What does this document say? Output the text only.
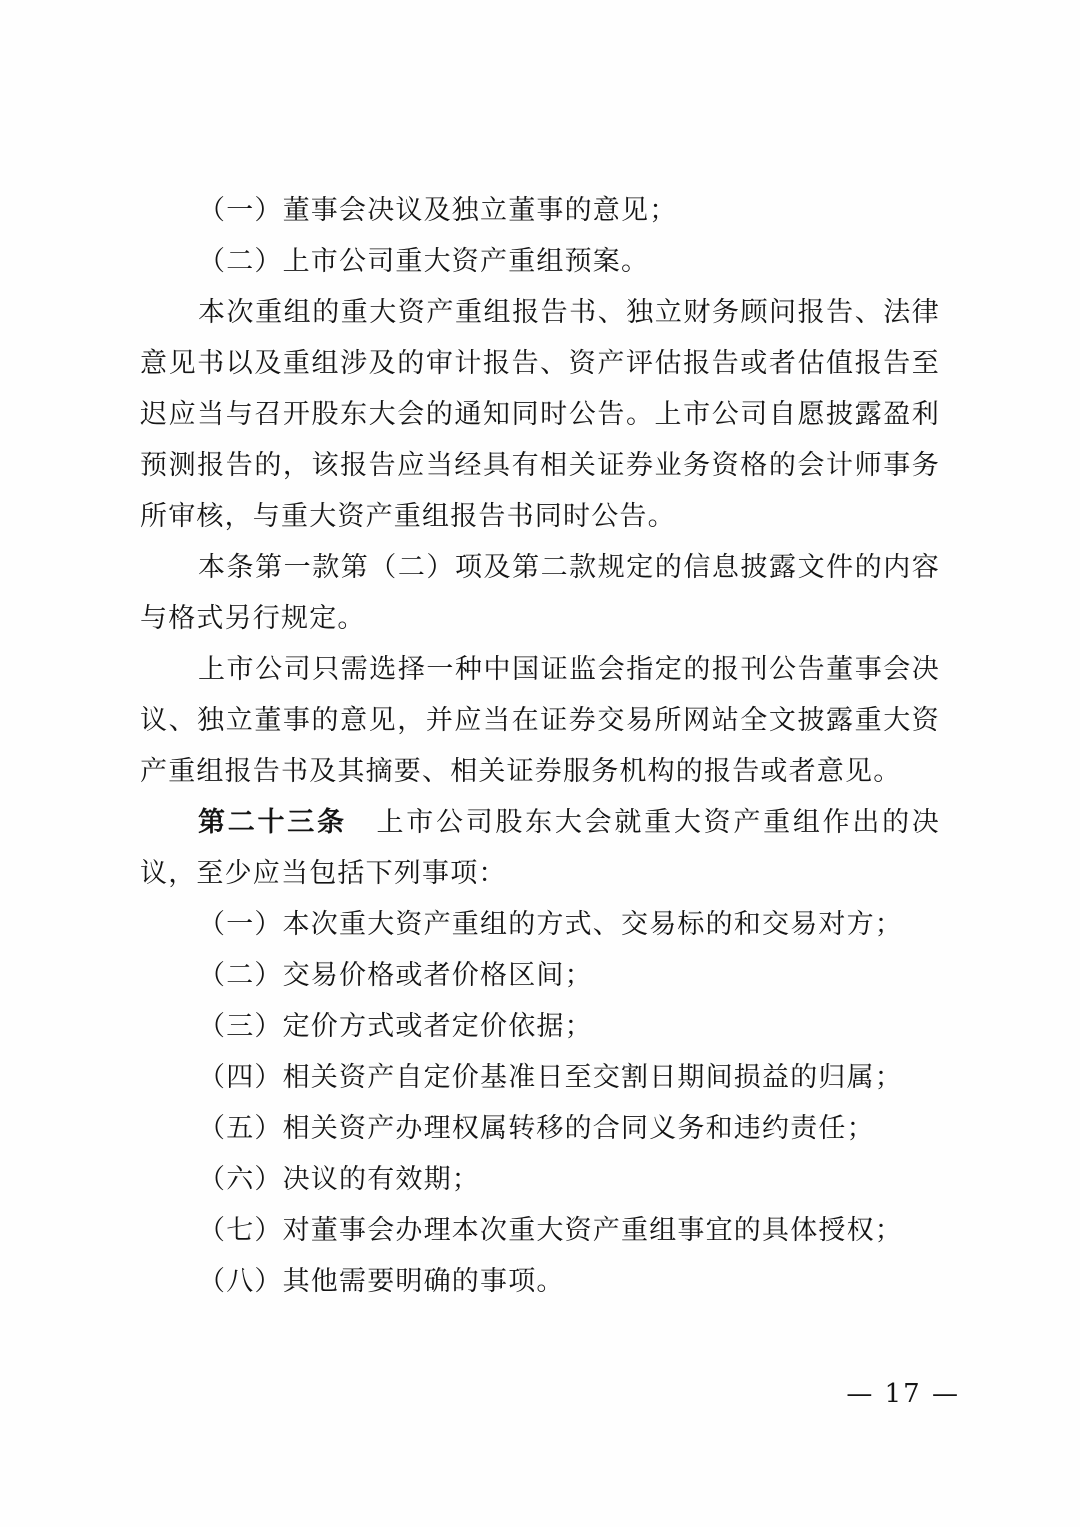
（一）董事会决议及独立董事的意见；

（二）上市公司重大资产重组预案。

本次重组的重大资产重组报告书、独立财务顾问报告、法律意见书以及重组涉及的审计报告、资产评估报告或者估值报告至迟应当与召开股东大会的通知同时公告。上市公司自愿披露盈利预测报告的，该报告应当经具有相关证券业务资格的会计师事务所审核，与重大资产重组报告书同时公告。

本条第一款第（二）项及第二款规定的信息披露文件的内容与格式另行规定。

上市公司只需选择一种中国证监会指定的报刊公告董事会决议、独立董事的意见，并应当在证券交易所网站全文披露重大资产重组报告书及其摘要、相关证券服务机构的报告或者意见。

第二十三条　 上市公司股东大会就重大资产重组作出的决议，至少应当包括下列事项：

（一）本次重大资产重组的方式、交易标的和交易对方；

（二）交易价格或者价格区间；

（三）定价方式或者定价依据；

（四）相关资产自定价基准日至交割日期间损益的归属；

（五）相关资产办理权属转移的合同义务和违约责任；

（六）决议的有效期；

（七）对董事会办理本次重大资产重组事宜的具体授权；

（八）其他需要明确的事项。

— 17 —
